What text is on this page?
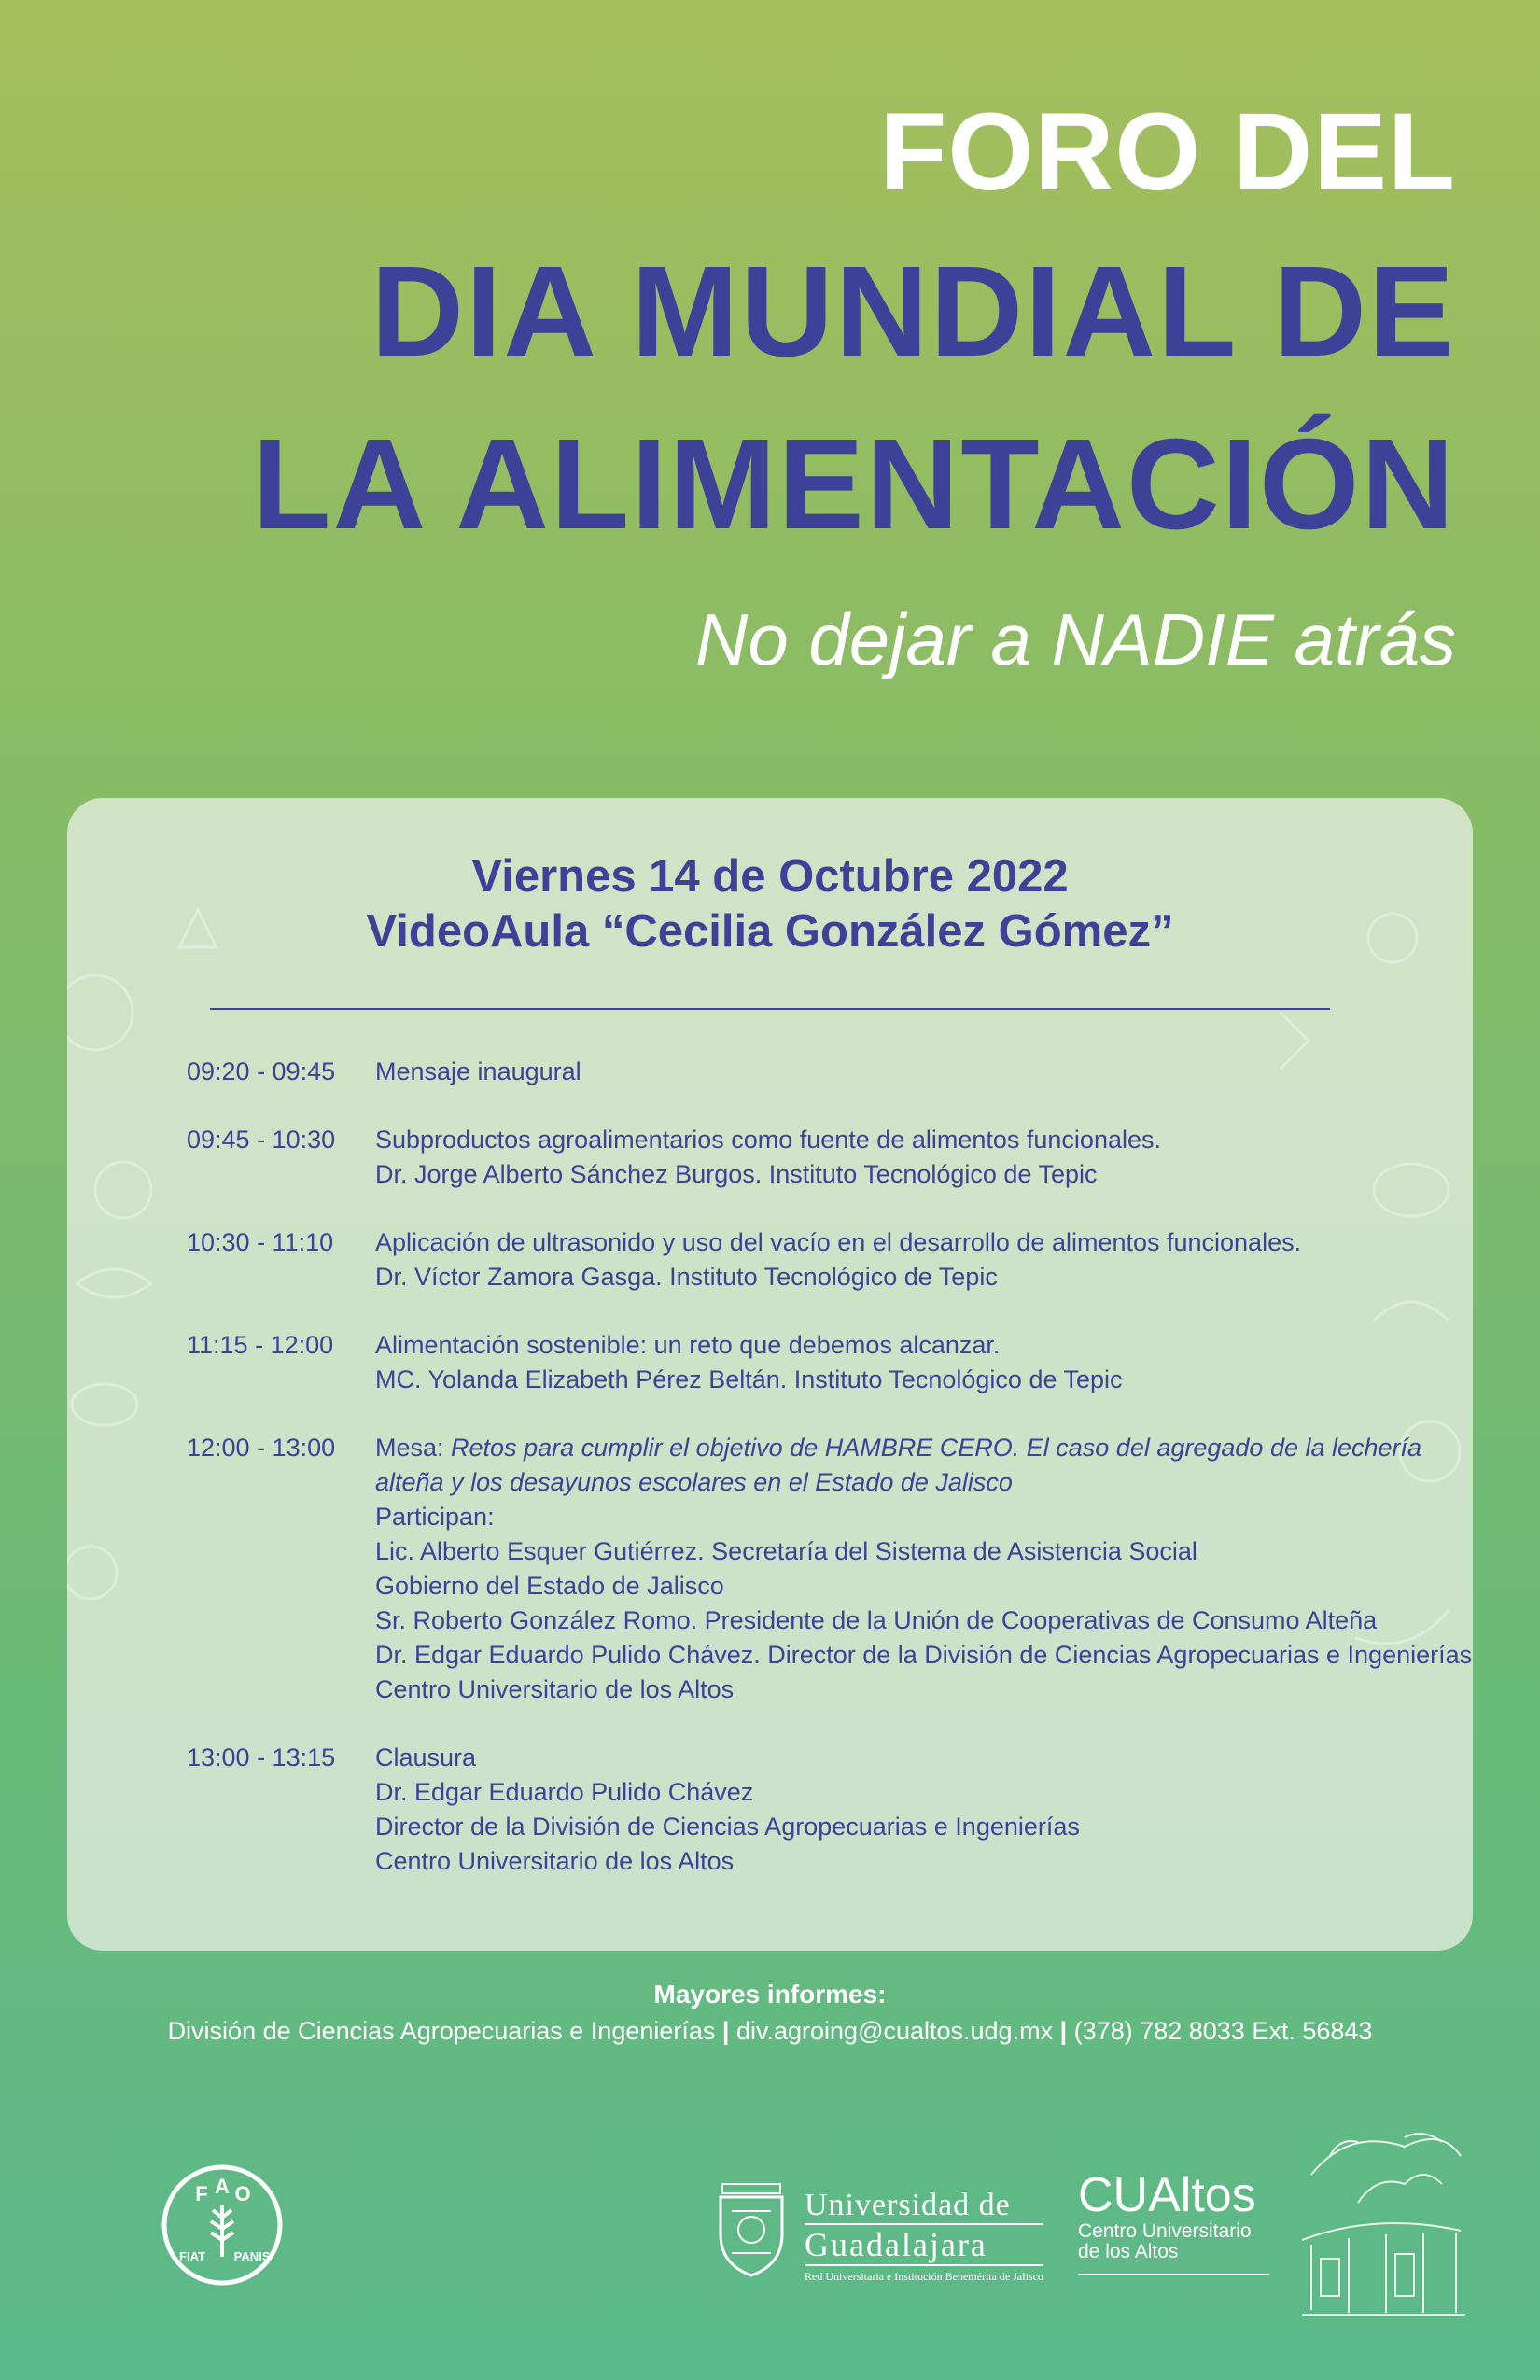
FORO DEL
DIA MUNDIAL DE
LA ALIMENTACIÓN

No dejar a NADIE atrás

Viernes 14 de Octubre 2022
VideoAula “Cecilia González Gómez”
09:20 - 09:45	Mensaje inaugural
09:45 - 10:30	Subproductos agroalimentarios como fuente de alimentos funcionales.
Dr. Jorge Alberto Sánchez Burgos. Instituto Tecnológico de Tepic
10:30 - 11:10	Aplicación de ultrasonido y uso del vacío en el desarrollo de alimentos funcionales.
Dr. Víctor Zamora Gasga. Instituto Tecnológico de Tepic
11:15 - 12:00	Alimentación sostenible: un reto que debemos alcanzar.
MC. Yolanda Elizabeth Pérez Beltán. Instituto Tecnológico de Tepic
12:00 - 13:00	Mesa: Retos para cumplir el objetivo de HAMBRE CERO. El caso del agregado de la lechería
alteña y los desayunos escolares en el Estado de Jalisco
Participan:
Lic. Alberto Esquer Gutiérrez. Secretaría del Sistema de Asistencia Social
Gobierno del Estado de Jalisco
Sr. Roberto González Romo. Presidente de la Unión de Cooperativas de Consumo Alteña
Dr. Edgar Eduardo Pulido Chávez. Director de la División de Ciencias Agropecuarias e Ingenierías
Centro Universitario de los Altos
13:00 - 13:15	Clausura
Dr. Edgar Eduardo Pulido Chávez
Director de la División de Ciencias Agropecuarias e Ingenierías
Centro Universitario de los Altos
Mayores informes:
División de Ciencias Agropecuarias e Ingenierías | div.agroing@cualtos.udg.mx | (378) 782 8033 Ext. 56843
F A O
FIAT PANIS
Universidad de
Guadalajara
Red Universitaria e Institución Benemérita de Jalisco
CUAltos
Centro Universitario
de los Altos
